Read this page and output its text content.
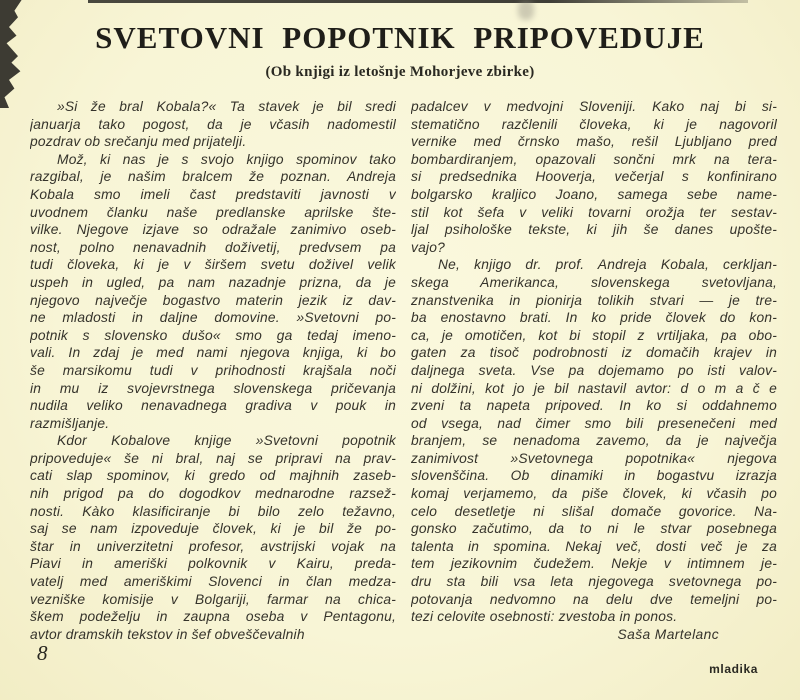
SVETOVNI POPOTNIK PRIPOVEDUJE
(Ob knjigi iz letošnje Mohorjeve zbirke)
»Si že bral Kobala?« Ta stavek je bil sredi
januarja tako pogost, da je včasih nadomestil
pozdrav ob srečanju med prijatelji.
Mož, ki nas je s svojo knjigo spominov tako
razgibal, je našim bralcem že poznan. Andreja
Kobala smo imeli čast predstaviti javnosti v
uvodnem članku naše predlanske aprilske šte-
vilke. Njegove izjave so odražale zanimivo oseb-
nost, polno nenavadnih doživetij, predvsem pa
tudi človeka, ki je v širšem svetu doživel velik
uspeh in ugled, pa nam nazadnje prizna, da je
njegovo največje bogastvo materin jezik iz dav-
ne mladosti in daljne domovine. »Svetovni po-
potnik s slovensko dušo« smo ga tedaj imeno-
vali. In zdaj je med nami njegova knjiga, ki bo
še marsikomu tudi v prihodnosti krajšala noči
in mu iz svojevrstnega slovenskega pričevanja
nudila veliko nenavadnega gradiva v pouk in
razmišljanje.
Kdor Kobalove knjige »Svetovni popotnik
pripoveduje« še ni bral, naj se pripravi na prav-
cati slap spominov, ki gredo od majhnih zaseb-
nih prigod pa do dogodkov mednarodne razsež-
nosti. Kàko klasificiranje bi bilo zelo težavno,
saj se nam izpoveduje človek, ki je bil že po-
štar in univerzitetni profesor, avstrijski vojak na
Piavi in ameriški polkovnik v Kairu, preda-
vatelj med ameriškimi Slovenci in član medza-
vezniške komisije v Bolgariji, farmar na chica-
škem podeželju in zaupna oseba v Pentagonu,
avtor dramskih tekstov in šef obveščevalnih
padalcev v medvojni Sloveniji. Kako naj bi si-
stematično razčlenili človeka, ki je nagovoril
vernike med črnsko mašo, rešil Ljubljano pred
bombardiranjem, opazovali sončni mrk na tera-
si predsednika Hooverja, večerjal s konfinirano
bolgarsko kraljico Joano, samega sebe name-
stil kot šefa v veliki tovarni orožja ter sestav-
ljal psihološke tekste, ki jih še danes upošte-
vajo?
Ne, knjigo dr. prof. Andreja Kobala, cerkljan-
skega Amerikanca, slovenskega svetovljana,
znanstvenika in pionirja tolikih stvari — je tre-
ba enostavno brati. In ko pride človek do kon-
ca, je omotičen, kot bi stopil z vrtiljaka, pa obo-
gaten za tisoč podrobnosti iz domačih krajev in
daljnega sveta. Vse pa dojemamo po isti valov-
ni dolžini, kot jo je bil nastavil avtor: d o m a č e
zveni ta napeta pripoved. In ko si oddahnemo
od vsega, nad čimer smo bili presenečeni med
branjem, se nenadoma zavemo, da je največja
zanimivost »Svetovnega popotnika« njegova
slovenščina. Ob dinamiki in bogastvu izrazja
komaj verjamemo, da piše človek, ki včasih po
celo desetletje ni slišal domače govorice. Na-
gonsko začutimo, da to ni le stvar posebnega
talenta in spomina. Nekaj več, dosti več je za
tem jezikovnim čudežem. Nekje v intimnem je-
dru sta bili vsa leta njegovega svetovnega po-
potovanja nedvomno na delu dve temeljni po-
tezi celovite osebnosti: zvestoba in ponos.
Saša Martelanc
8
mladika
